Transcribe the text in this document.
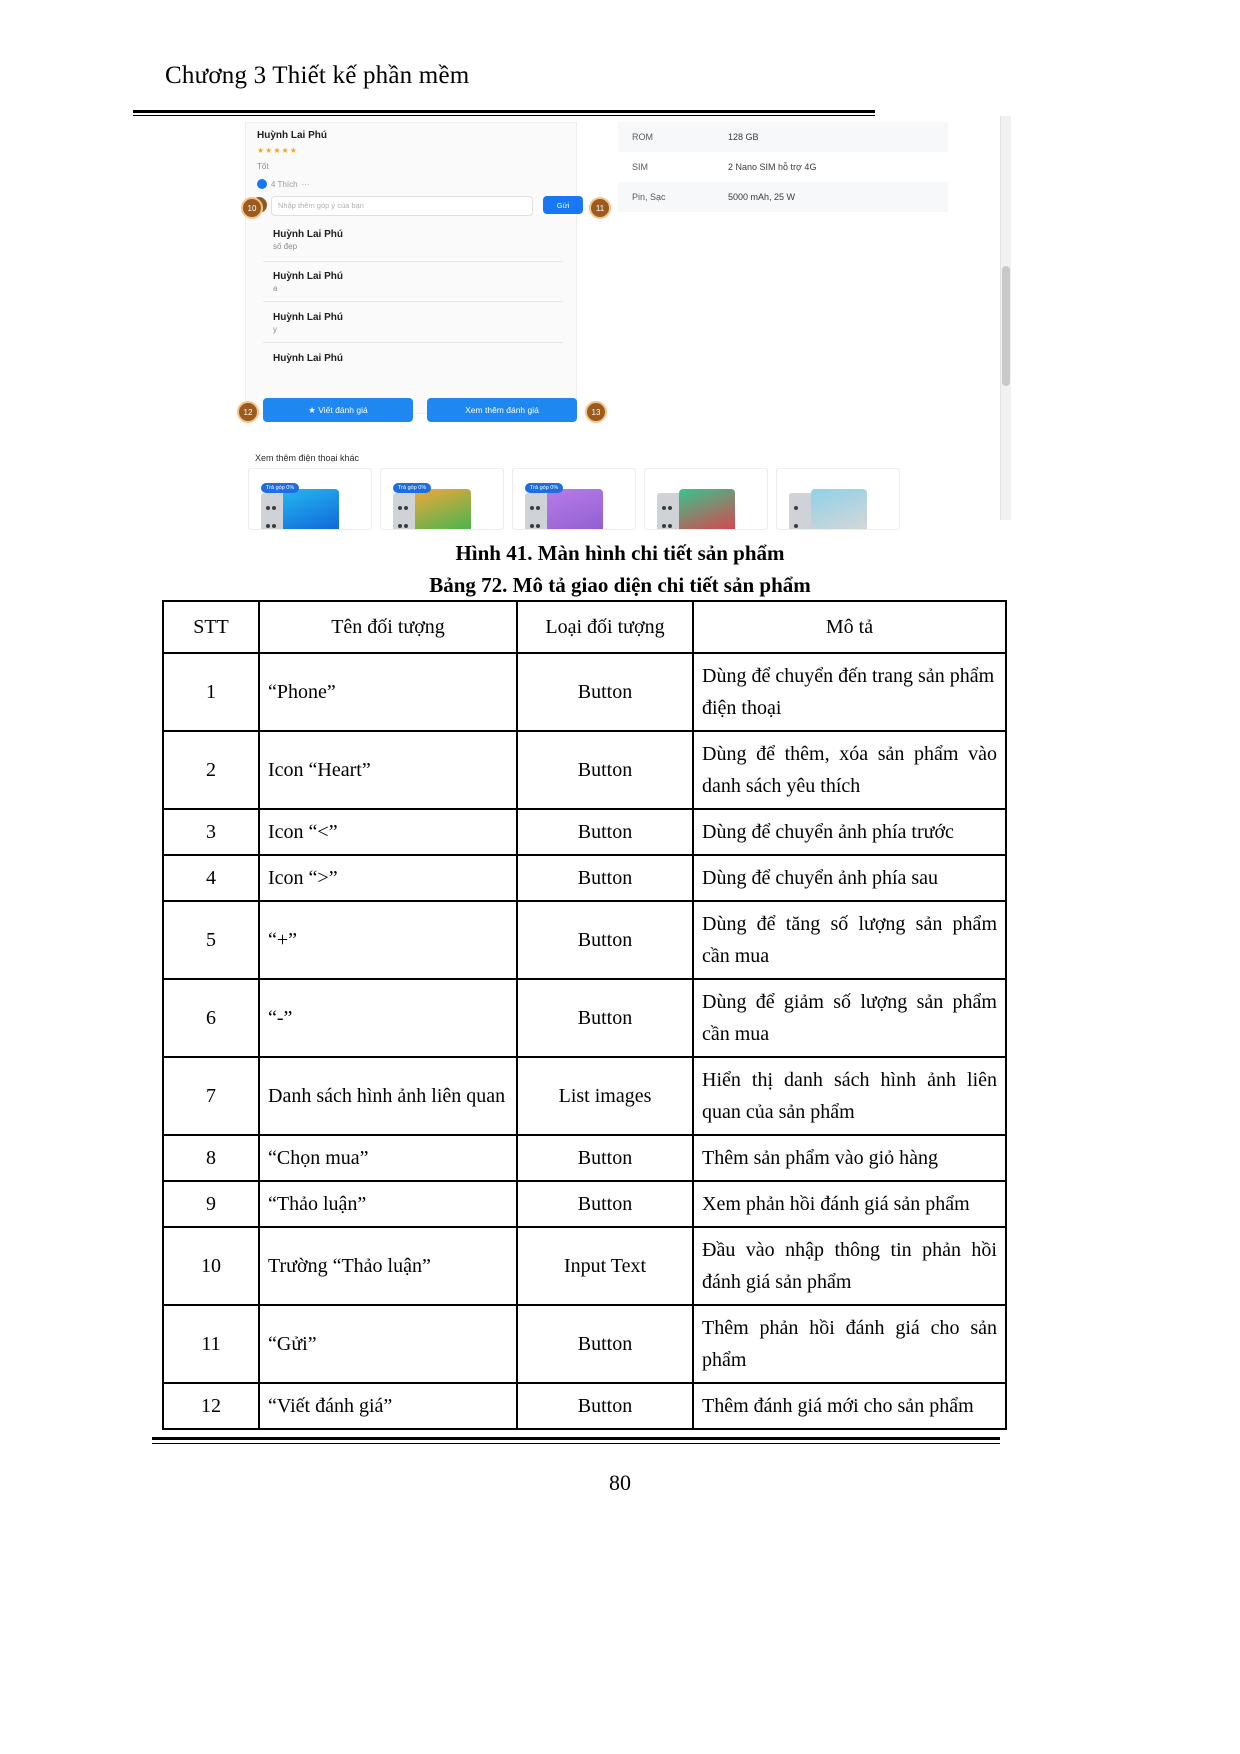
Chương 3 Thiết kế phần mềm
Huỳnh Lai Phú
★★★★★
Tốt
4 Thích ···
Nhập thêm góp ý của bạn	Gửi
Huỳnh Lai Phú
số đẹp
Huỳnh Lai Phú
a
Huỳnh Lai Phú
y
Huỳnh Lai Phú
ROM	128 GB
SIM	2 Nano SIM hỗ trợ 4G
Pin, Sạc	5000 mAh, 25 W
★ Viết đánh giá	Xem thêm đánh giá
Xem thêm điện thoại khác
Trả góp 0%	Trả góp 0%	Trả góp 0%

10	11
12	13
Hình 41. Màn hình chi tiết sản phẩm
Bảng 72. Mô tả giao diện chi tiết sản phẩm
STT	Tên đối tượng	Loại đối tượng	Mô tả
1	“Phone”	Button	Dùng để chuyển đến trang sản phẩm điện thoại
2	Icon “Heart”	Button	Dùng để thêm, xóa sản phẩm vào danh sách yêu thích
3	Icon “<”	Button	Dùng để chuyển ảnh phía trước
4	Icon “>”	Button	Dùng để chuyển ảnh phía sau
5	“+”	Button	Dùng để tăng số lượng sản phẩm cần mua
6	“-”	Button	Dùng để giảm số lượng sản phẩm cần mua
7	Danh sách hình ảnh liên quan	List images	Hiển thị danh sách hình ảnh liên quan của sản phẩm
8	“Chọn mua”	Button	Thêm sản phẩm vào giỏ hàng
9	“Thảo luận”	Button	Xem phản hồi đánh giá sản phẩm
10	Trường “Thảo luận”	Input Text	Đầu vào nhập thông tin phản hồi đánh giá sản phẩm
11	“Gửi”	Button	Thêm phản hồi đánh giá cho sản phẩm
12	“Viết đánh giá”	Button	Thêm đánh giá mới cho sản phẩm
80
